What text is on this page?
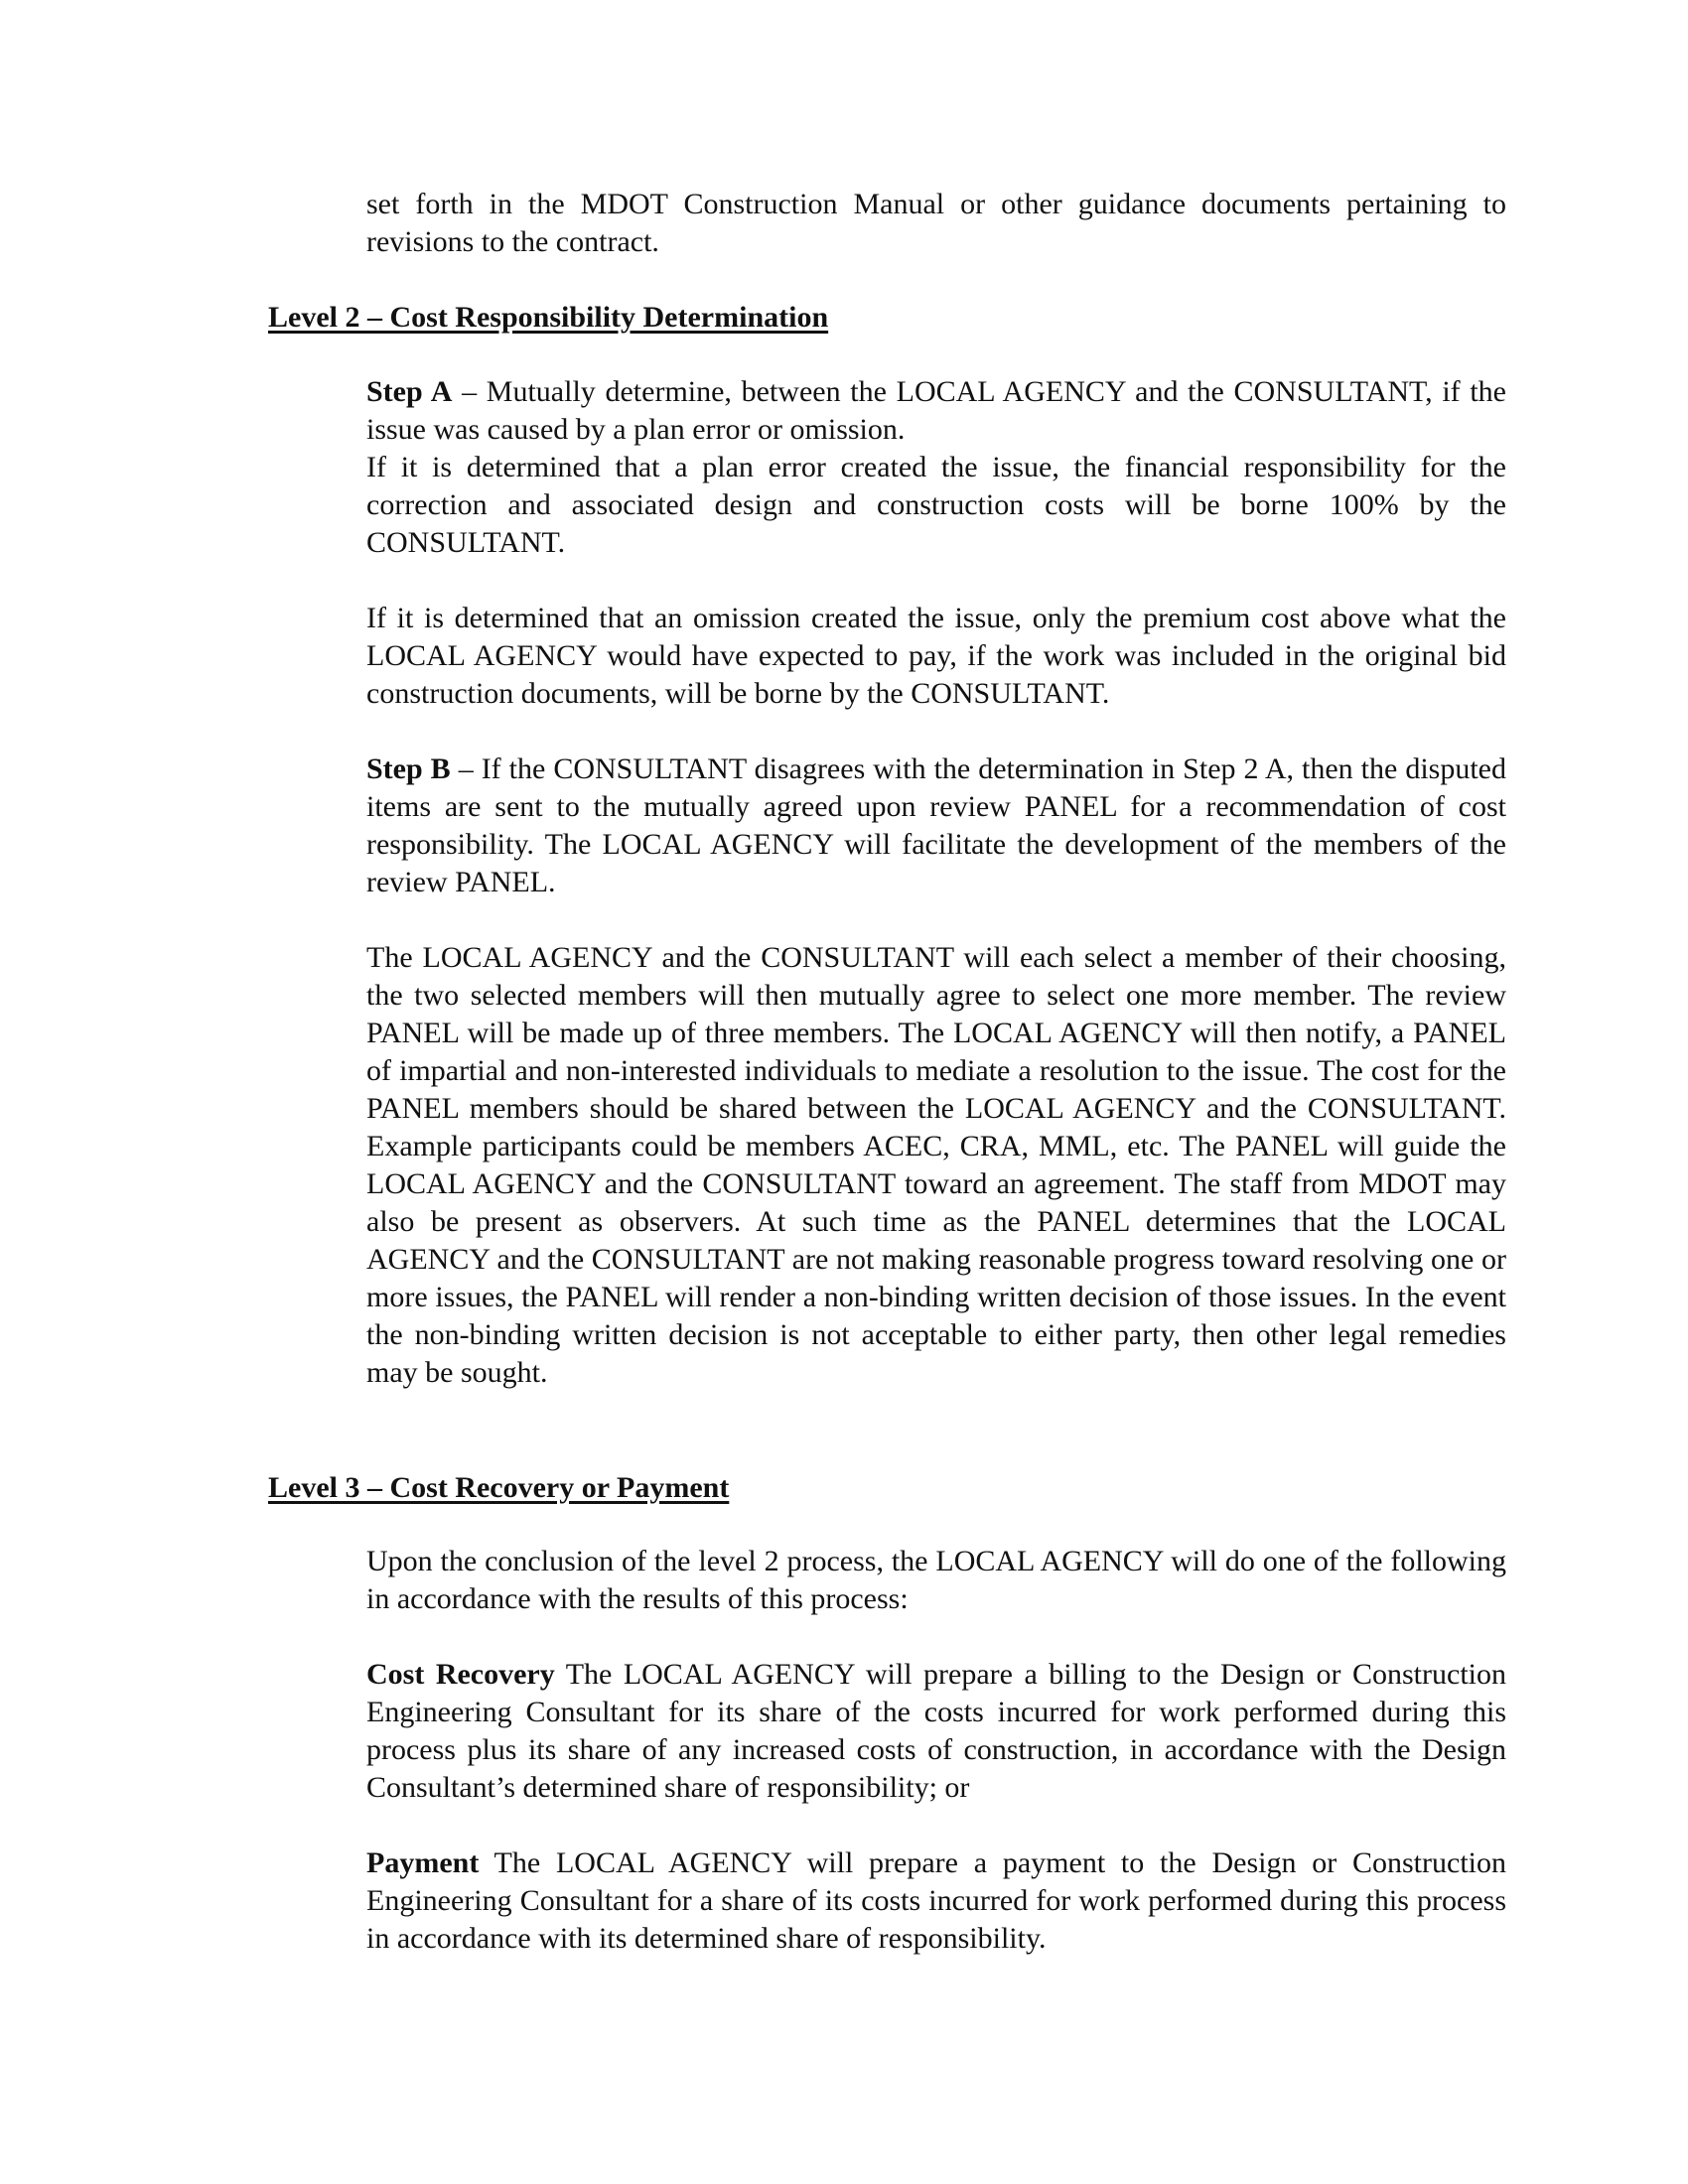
set forth in the MDOT Construction Manual or other guidance documents pertaining to revisions to the contract.

Level 2 – Cost Responsibility Determination

Step A – Mutually determine, between the LOCAL AGENCY and the CONSULTANT, if the issue was caused by a plan error or omission.

If it is determined that a plan error created the issue, the financial responsibility for the correction and associated design and construction costs will be borne 100% by the CONSULTANT.

If it is determined that an omission created the issue, only the premium cost above what the LOCAL AGENCY would have expected to pay, if the work was included in the original bid construction documents, will be borne by the CONSULTANT.

Step B – If the CONSULTANT disagrees with the determination in Step 2 A, then the disputed items are sent to the mutually agreed upon review PANEL for a recommendation of cost responsibility. The LOCAL AGENCY will facilitate the development of the members of the review PANEL.

The LOCAL AGENCY and the CONSULTANT will each select a member of their choosing, the two selected members will then mutually agree to select one more member. The review PANEL will be made up of three members. The LOCAL AGENCY will then notify, a PANEL of impartial and non-interested individuals to mediate a resolution to the issue. The cost for the PANEL members should be shared between the LOCAL AGENCY and the CONSULTANT. Example participants could be members ACEC, CRA, MML, etc. The PANEL will guide the LOCAL AGENCY and the CONSULTANT toward an agreement. The staff from MDOT may also be present as observers. At such time as the PANEL determines that the LOCAL AGENCY and the CONSULTANT are not making reasonable progress toward resolving one or more issues, the PANEL will render a non-binding written decision of those issues. In the event the non-binding written decision is not acceptable to either party, then other legal remedies may be sought.

Level 3 – Cost Recovery or Payment

Upon the conclusion of the level 2 process, the LOCAL AGENCY will do one of the following in accordance with the results of this process:

Cost Recovery The LOCAL AGENCY will prepare a billing to the Design or Construction Engineering Consultant for its share of the costs incurred for work performed during this process plus its share of any increased costs of construction, in accordance with the Design Consultant’s determined share of responsibility; or

Payment The LOCAL AGENCY will prepare a payment to the Design or Construction Engineering Consultant for a share of its costs incurred for work performed during this process in accordance with its determined share of responsibility.
